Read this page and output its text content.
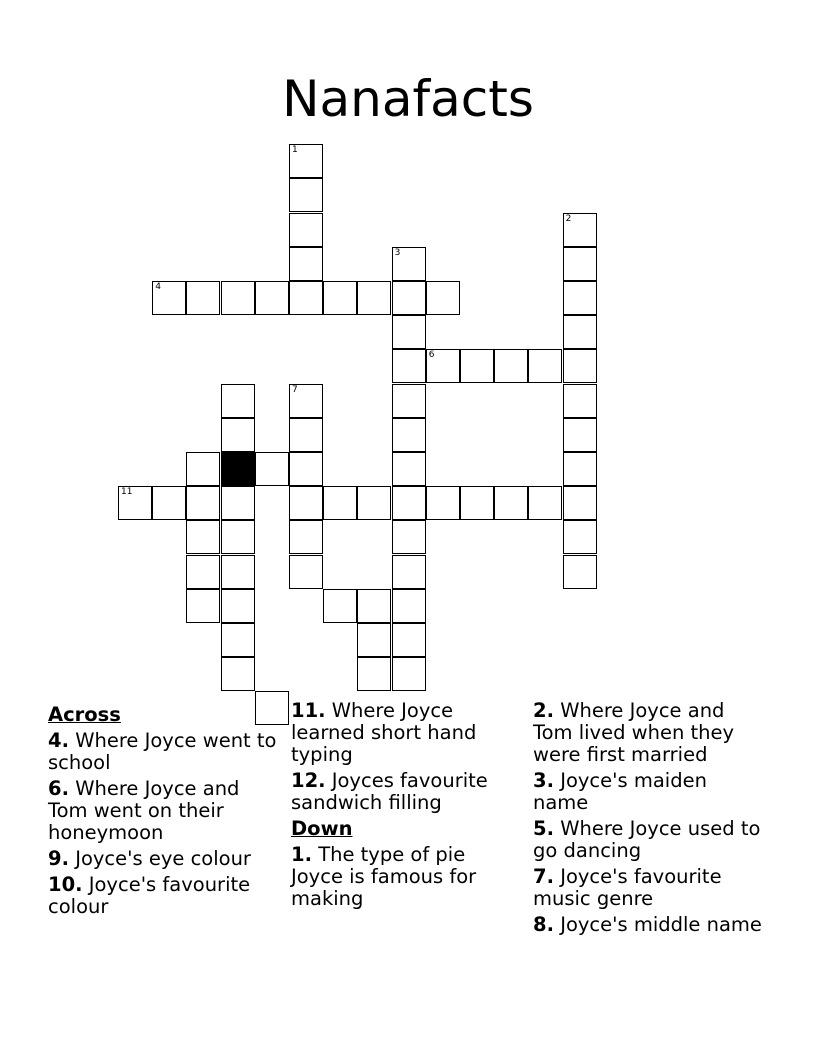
Nanafacts
1
2
3
4
6
7
11
Across
4. Where Joyce went to school
6. Where Joyce and Tom went on their honeymoon
9. Joyce's eye colour
10. Joyce's favourite colour
11. Where Joyce learned short hand typing
12. Joyces favourite sandwich filling
Down
1. The type of pie Joyce is famous for making
2. Where Joyce and Tom lived when they were first married
3. Joyce's maiden name
5. Where Joyce used to go dancing
7. Joyce's favourite music genre
8. Joyce's middle name
